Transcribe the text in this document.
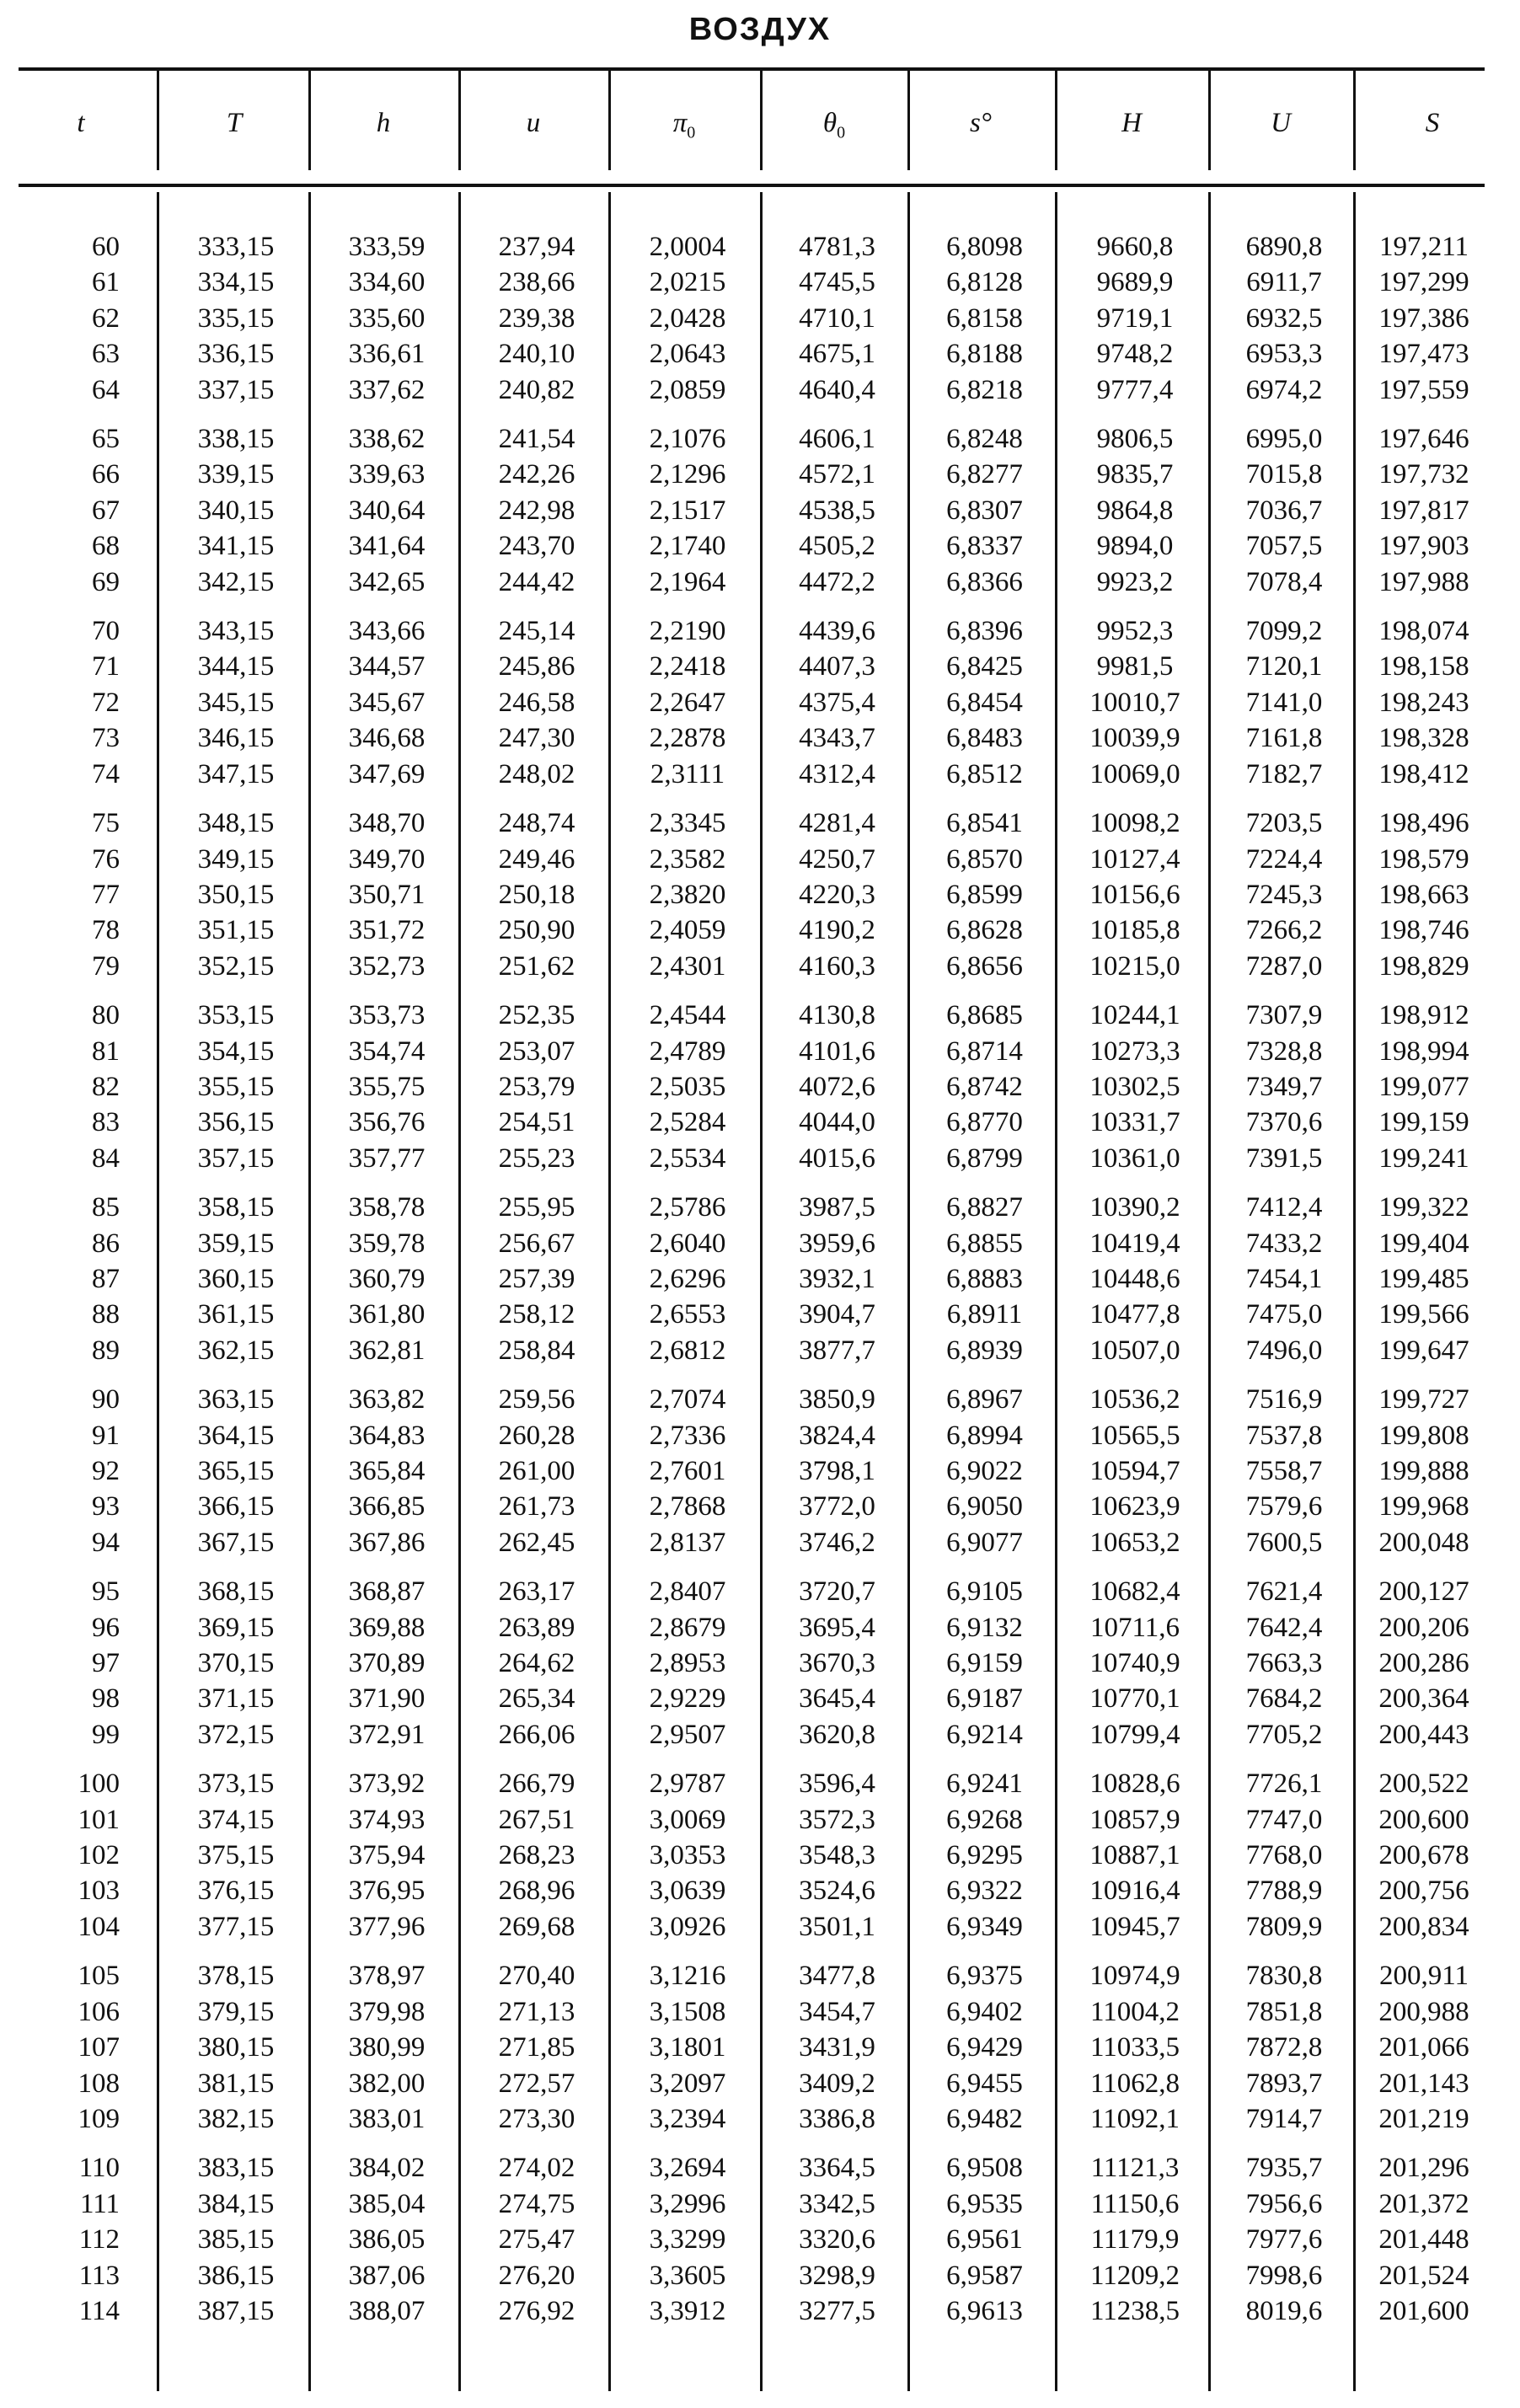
ВОЗДУХ
t	T	h	u	$\pi_0$	$\theta_0$	s°	H	U	S
60	333,15	333,59	237,94	2,0004	4781,3	6,8098	9660,8	6890,8	197,211
61	334,15	334,60	238,66	2,0215	4745,5	6,8128	9689,9	6911,7	197,299
62	335,15	335,60	239,38	2,0428	4710,1	6,8158	9719,1	6932,5	197,386
63	336,15	336,61	240,10	2,0643	4675,1	6,8188	9748,2	6953,3	197,473
64	337,15	337,62	240,82	2,0859	4640,4	6,8218	9777,4	6974,2	197,559
65	338,15	338,62	241,54	2,1076	4606,1	6,8248	9806,5	6995,0	197,646
66	339,15	339,63	242,26	2,1296	4572,1	6,8277	9835,7	7015,8	197,732
67	340,15	340,64	242,98	2,1517	4538,5	6,8307	9864,8	7036,7	197,817
68	341,15	341,64	243,70	2,1740	4505,2	6,8337	9894,0	7057,5	197,903
69	342,15	342,65	244,42	2,1964	4472,2	6,8366	9923,2	7078,4	197,988
70	343,15	343,66	245,14	2,2190	4439,6	6,8396	9952,3	7099,2	198,074
71	344,15	344,57	245,86	2,2418	4407,3	6,8425	9981,5	7120,1	198,158
72	345,15	345,67	246,58	2,2647	4375,4	6,8454	10010,7	7141,0	198,243
73	346,15	346,68	247,30	2,2878	4343,7	6,8483	10039,9	7161,8	198,328
74	347,15	347,69	248,02	2,3111	4312,4	6,8512	10069,0	7182,7	198,412
75	348,15	348,70	248,74	2,3345	4281,4	6,8541	10098,2	7203,5	198,496
76	349,15	349,70	249,46	2,3582	4250,7	6,8570	10127,4	7224,4	198,579
77	350,15	350,71	250,18	2,3820	4220,3	6,8599	10156,6	7245,3	198,663
78	351,15	351,72	250,90	2,4059	4190,2	6,8628	10185,8	7266,2	198,746
79	352,15	352,73	251,62	2,4301	4160,3	6,8656	10215,0	7287,0	198,829
80	353,15	353,73	252,35	2,4544	4130,8	6,8685	10244,1	7307,9	198,912
81	354,15	354,74	253,07	2,4789	4101,6	6,8714	10273,3	7328,8	198,994
82	355,15	355,75	253,79	2,5035	4072,6	6,8742	10302,5	7349,7	199,077
83	356,15	356,76	254,51	2,5284	4044,0	6,8770	10331,7	7370,6	199,159
84	357,15	357,77	255,23	2,5534	4015,6	6,8799	10361,0	7391,5	199,241
85	358,15	358,78	255,95	2,5786	3987,5	6,8827	10390,2	7412,4	199,322
86	359,15	359,78	256,67	2,6040	3959,6	6,8855	10419,4	7433,2	199,404
87	360,15	360,79	257,39	2,6296	3932,1	6,8883	10448,6	7454,1	199,485
88	361,15	361,80	258,12	2,6553	3904,7	6,8911	10477,8	7475,0	199,566
89	362,15	362,81	258,84	2,6812	3877,7	6,8939	10507,0	7496,0	199,647
90	363,15	363,82	259,56	2,7074	3850,9	6,8967	10536,2	7516,9	199,727
91	364,15	364,83	260,28	2,7336	3824,4	6,8994	10565,5	7537,8	199,808
92	365,15	365,84	261,00	2,7601	3798,1	6,9022	10594,7	7558,7	199,888
93	366,15	366,85	261,73	2,7868	3772,0	6,9050	10623,9	7579,6	199,968
94	367,15	367,86	262,45	2,8137	3746,2	6,9077	10653,2	7600,5	200,048
95	368,15	368,87	263,17	2,8407	3720,7	6,9105	10682,4	7621,4	200,127
96	369,15	369,88	263,89	2,8679	3695,4	6,9132	10711,6	7642,4	200,206
97	370,15	370,89	264,62	2,8953	3670,3	6,9159	10740,9	7663,3	200,286
98	371,15	371,90	265,34	2,9229	3645,4	6,9187	10770,1	7684,2	200,364
99	372,15	372,91	266,06	2,9507	3620,8	6,9214	10799,4	7705,2	200,443
100	373,15	373,92	266,79	2,9787	3596,4	6,9241	10828,6	7726,1	200,522
101	374,15	374,93	267,51	3,0069	3572,3	6,9268	10857,9	7747,0	200,600
102	375,15	375,94	268,23	3,0353	3548,3	6,9295	10887,1	7768,0	200,678
103	376,15	376,95	268,96	3,0639	3524,6	6,9322	10916,4	7788,9	200,756
104	377,15	377,96	269,68	3,0926	3501,1	6,9349	10945,7	7809,9	200,834
105	378,15	378,97	270,40	3,1216	3477,8	6,9375	10974,9	7830,8	200,911
106	379,15	379,98	271,13	3,1508	3454,7	6,9402	11004,2	7851,8	200,988
107	380,15	380,99	271,85	3,1801	3431,9	6,9429	11033,5	7872,8	201,066
108	381,15	382,00	272,57	3,2097	3409,2	6,9455	11062,8	7893,7	201,143
109	382,15	383,01	273,30	3,2394	3386,8	6,9482	11092,1	7914,7	201,219
110	383,15	384,02	274,02	3,2694	3364,5	6,9508	11121,3	7935,7	201,296
111	384,15	385,04	274,75	3,2996	3342,5	6,9535	11150,6	7956,6	201,372
112	385,15	386,05	275,47	3,3299	3320,6	6,9561	11179,9	7977,6	201,448
113	386,15	387,06	276,20	3,3605	3298,9	6,9587	11209,2	7998,6	201,524
114	387,15	388,07	276,92	3,3912	3277,5	6,9613	11238,5	8019,6	201,600
